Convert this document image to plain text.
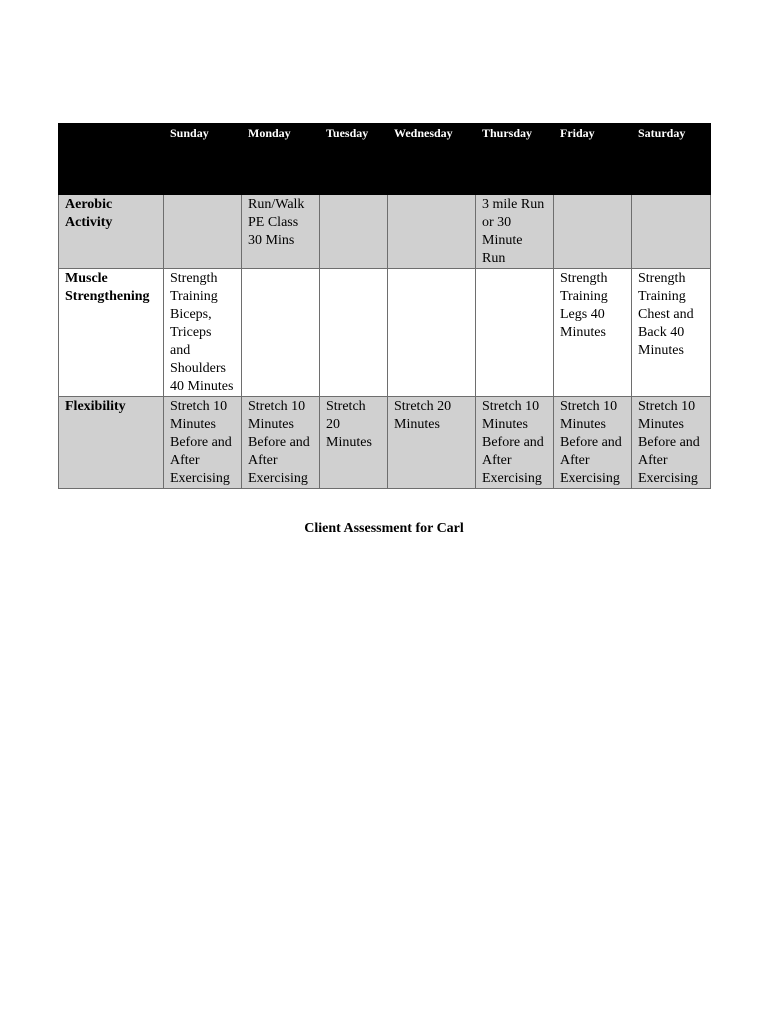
	Sunday	Monday	Tuesday	Wednesday	Thursday	Friday	Saturday
Aerobic Activity		Run/Walk PE Class 30 Mins			3 mile Run or 30 Minute Run		
Muscle Strengthening	Strength Training Biceps, Triceps and Shoulders 40 Minutes					Strength Training Legs 40 Minutes	Strength Training Chest and Back 40 Minutes
Flexibility	Stretch 10 Minutes Before and After Exercising	Stretch 10 Minutes Before and After Exercising	Stretch 20 Minutes	Stretch 20 Minutes	Stretch 10 Minutes Before and After Exercising	Stretch 10 Minutes Before and After Exercising	Stretch 10 Minutes Before and After Exercising
Client Assessment for Carl
